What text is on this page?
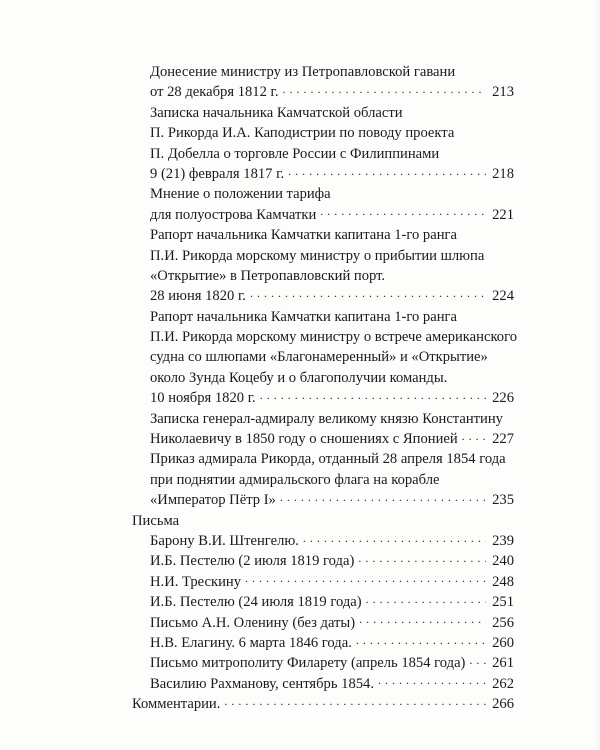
Донесение министру из Петропавловской гавани
от 28 декабря 1812 г. . . .	213
Записка начальника Камчатской области
П. Рикорда И.А. Каподистрии по поводу проекта
П. Добелла о торговле России с Филиппинами
9 (21) февраля 1817 г. . . .	218
Мнение о положении тарифа
для полуострова Камчатки . . .	221
Рапорт начальника Камчатки капитана 1-го ранга
П.И. Рикорда морскому министру о прибытии шлюпа
«Открытие» в Петропавловский порт.
28 июня 1820 г. . . .	224
Рапорт начальника Камчатки капитана 1-го ранга
П.И. Рикорда морскому министру о встрече американского
судна со шлюпами «Благонамеренный» и «Открытие»
около Зунда Коцебу и о благополучии команды.
10 ноября 1820 г. . . .	226
Записка генерал-адмиралу великому князю Константину
Николаевичу в 1850 году о сношениях с Японией . . . 227
Приказ адмирала Рикорда, отданный 28 апреля 1854 года
при поднятии адмиральского флага на корабле
«Император Пётр I» . . .	235
Письма
Барону В.И. Штенгелю. . . .	239
И.Б. Пестелю (2 июля 1819 года) . . .	240
Н.И. Трескину . . .	248
И.Б. Пестелю (24 июля 1819 года) . . .	251
Письмо А.Н. Оленину (без даты) . . .	256
Н.В. Елагину. 6 марта 1846 года. . . .	260
Письмо митрополиту Филарету (апрель 1854 года) . . . 261
Василию Рахманову, сентябрь 1854. . . .	262
Комментарии. . . .	266
